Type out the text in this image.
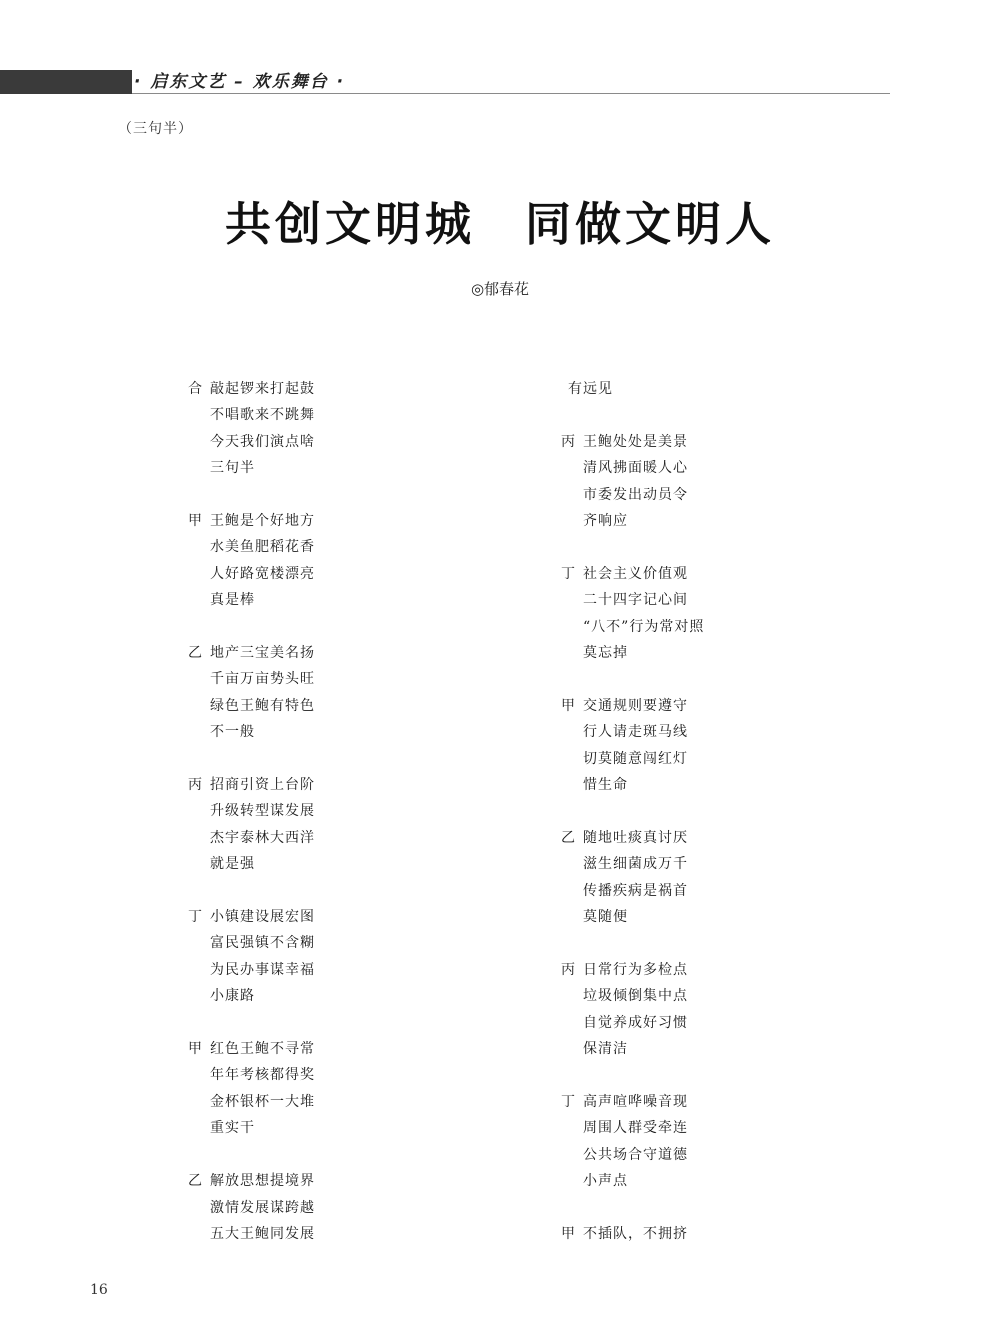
· 启东文艺 – 欢乐舞台 ·
（三句半）
共创文明城　同做文明人
◎郁春花
合 敲起锣来打起鼓
不唱歌来不跳舞
今天我们演点啥
三句半
甲 王鲍是个好地方
水美鱼肥稻花香
人好路宽楼漂亮
真是棒
乙 地产三宝美名扬
千亩万亩势头旺
绿色王鲍有特色
不一般
丙 招商引资上台阶
升级转型谋发展
杰宇泰林大西洋
就是强
丁 小镇建设展宏图
富民强镇不含糊
为民办事谋幸福
小康路
甲 红色王鲍不寻常
年年考核都得奖
金杯银杯一大堆
重实干
乙 解放思想提境界
激情发展谋跨越
五大王鲍同发展
有远见
丙 王鲍处处是美景
清风拂面暖人心
市委发出动员令
齐响应
丁 社会主义价值观
二十四字记心间
“八不”行为常对照
莫忘掉
甲 交通规则要遵守
行人请走斑马线
切莫随意闯红灯
惜生命
乙 随地吐痰真讨厌
滋生细菌成万千
传播疾病是祸首
莫随便
丙 日常行为多检点
垃圾倾倒集中点
自觉养成好习惯
保清洁
丁 高声喧哗噪音现
周围人群受牵连
公共场合守道德
小声点
甲 不插队，不拥挤
16
